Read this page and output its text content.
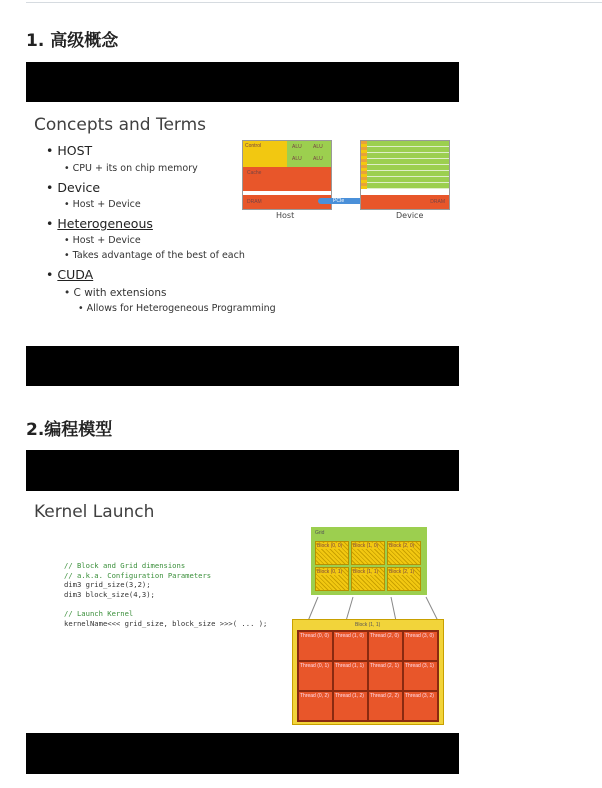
1. 高级概念
Concepts and Terms
• HOST
• CPU + its on chip memory
• Device
• Host + Device
• Heterogeneous
• Host + Device
• Takes advantage of the best of each
• CUDA
• C with extensions
• Allows for Heterogeneous Programming
Control	ALU ALU
ALU ALU
Cache
DRAM	PCIe
Host
DRAM
Device
2.编程模型
Kernel Launch
// Block and Grid dimensions
// a.k.a. Configuration Parameters
dim3 grid_size(3,2);
dim3 block_size(4,3);

// Launch Kernel
kernelName<<< grid_size, block_size >>>( ... );
Grid
Block (0, 0) Block (1, 0) Block (2, 0)
Block (0, 1) Block (1, 1) Block (2, 1)
Block (1, 1)
Thread (0, 0) Thread (1, 0) Thread (2, 0) Thread (3, 0)
Thread (0, 1) Thread (1, 1) Thread (2, 1) Thread (3, 1)
Thread (0, 2) Thread (1, 2) Thread (2, 2) Thread (3, 2)
